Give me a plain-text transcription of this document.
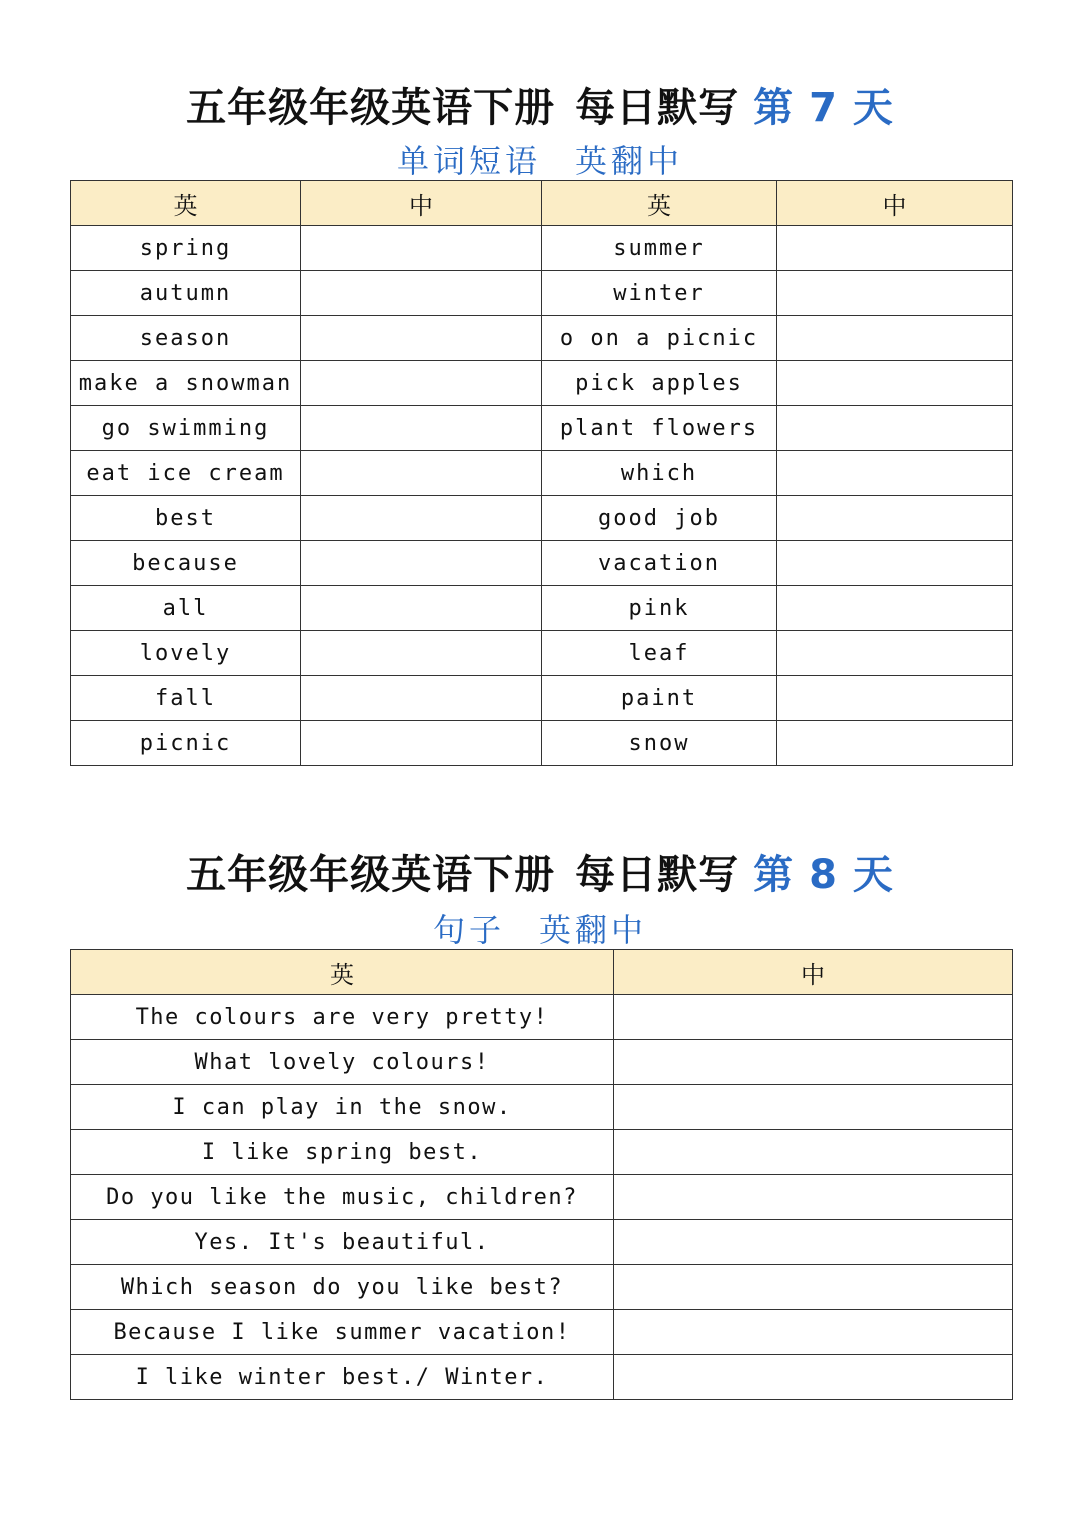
五年级年级英语下册 每日默写 第 7 天
单词短语 英翻中
英	中	英	中
spring		summer	
autumn		winter	
season		o on a picnic	
make a snowman		pick apples	
go swimming		plant flowers	
eat ice cream		which	
best		good job	
because		vacation	
all		pink	
lovely		leaf	
fall		paint	
picnic		snow	
五年级年级英语下册 每日默写 第 8 天
句子 英翻中
英	中
The colours are very pretty!	
What lovely colours!	
I can play in the snow.	
I like spring best.	
Do you like the music, children?	
Yes. It's beautiful.	
Which season do you like best?	
Because I like summer vacation!	
I like winter best./ Winter.	
